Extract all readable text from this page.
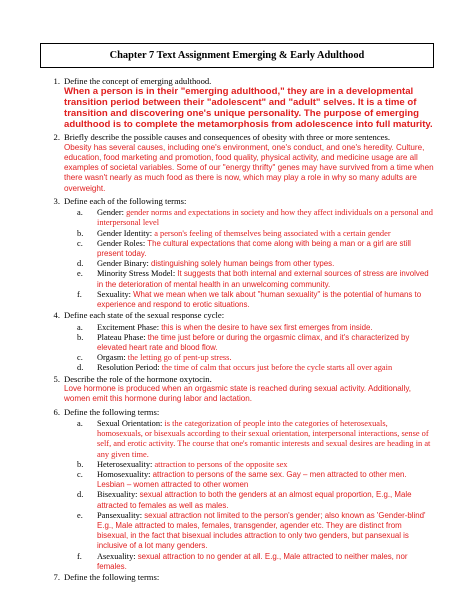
Chapter 7 Text Assignment Emerging & Early Adulthood
1. Define the concept of emerging adulthood.
When a person is in their "emerging adulthood," they are in a developmental transition period between their "adolescent" and "adult" selves. It is a time of transition and discovering one's unique personality. The purpose of emerging adulthood is to complete the metamorphosis from adolescence into full maturity.
2. Briefly describe the possible causes and consequences of obesity with three or more sentences.
Obesity has several causes, including one's environment, one's conduct, and one's heredity. Culture, education, food marketing and promotion, food quality, physical activity, and medicine usage are all examples of societal variables. Some of our "energy thrifty" genes may have survived from a time when there wasn't nearly as much food as there is now, which may play a role in why so many adults are overweight.
3. Define each of the following terms:
a. Gender: gender norms and expectations in society and how they affect individuals on a personal and interpersonal level
b. Gender Identity: a person's feeling of themselves being associated with a certain gender
c. Gender Roles: The cultural expectations that come along with being a man or a girl are still present today.
d. Gender Binary: distinguishing solely human beings from other types.
e. Minority Stress Model: It suggests that both internal and external sources of stress are involved in the deterioration of mental health in an unwelcoming community.
f. Sexuality: What we mean when we talk about "human sexuality" is the potential of humans to experience and respond to erotic situations.
4. Define each state of the sexual response cycle:
a. Excitement Phase: this is when the desire to have sex first emerges from inside.
b. Plateau Phase: the time just before or during the orgasmic climax, and it's characterized by elevated heart rate and blood flow.
c. Orgasm: the letting go of pent-up stress.
d. Resolution Period: the time of calm that occurs just before the cycle starts all over again
5. Describe the role of the hormone oxytocin.
Love hormone is produced when an orgasmic state is reached during sexual activity. Additionally, women emit this hormone during labor and lactation.
6. Define the following terms:
a. Sexual Orientation: is the categorization of people into the categories of heterosexuals, homosexuals, or bisexuals according to their sexual orientation, interpersonal interactions, sense of self, and erotic activity. The course that one's romantic interests and sexual desires are heading in at any given time.
b. Heterosexuality: attraction to persons of the opposite sex
c. Homosexuality: attraction to persons of the same sex. Gay – men attracted to other men. Lesbian – women attracted to other women
d. Bisexuality: sexual attraction to both the genders at an almost equal proportion, E.g., Male attracted to females as well as males.
e. Pansexuality: sexual attraction not limited to the person's gender; also known as 'Gender-blind' E.g., Male attracted to males, females, transgender, agender etc. They are distinct from bisexual, in the fact that bisexual includes attraction to only two genders, but pansexual is inclusive of a lot many genders.
f. Asexuality: sexual attraction to no gender at all. E.g., Male attracted to neither males, nor females.
7. Define the following terms:
